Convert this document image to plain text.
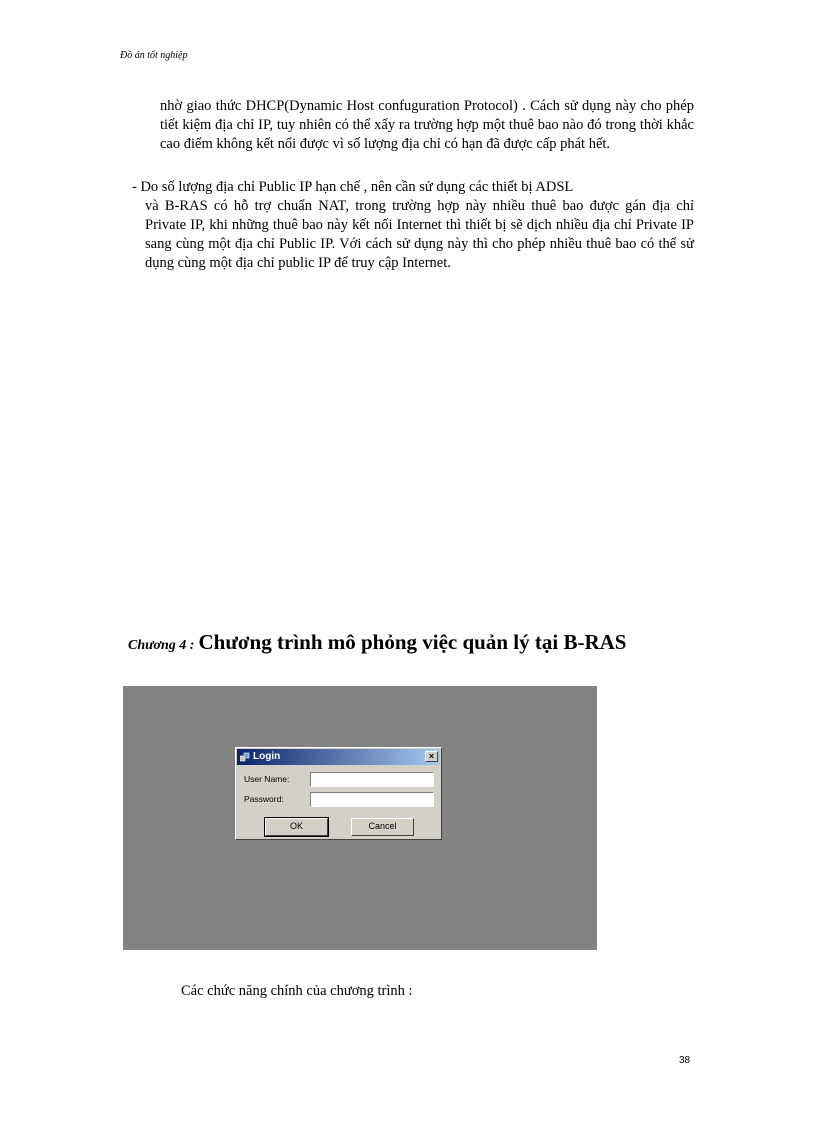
Đồ án tốt nghiệp
nhờ giao thức DHCP(Dynamic Host confuguration Protocol) . Cách sử dụng này cho phép tiết kiệm địa chỉ IP, tuy nhiên có thể xẩy ra trường hợp một thuê bao nào đó trong thời khắc cao điểm không kết nối được vì số lượng địa chỉ có hạn đã được cấp phát hết.
- Do số lượng địa chỉ Public IP hạn chế , nên cần sử dụng các thiết bị ADSL
và B-RAS có hỗ trợ chuẩn NAT, trong trường hợp này nhiều thuê bao được gán địa chỉ Private IP, khi những thuê bao này kết nối Internet thì thiết bị sẽ dịch nhiều địa chỉ Private IP sang cùng một địa chỉ Public IP. Với cách sử dụng này thì cho phép nhiều thuê bao có thể sử dụng cùng một địa chỉ public IP để truy cập Internet.
Chương 4 : Chương trình mô phỏng việc quản lý tại B-RAS
Login	×
User Name:
Password:
OK	Cancel
Các chức năng chính của chương trình :
38
